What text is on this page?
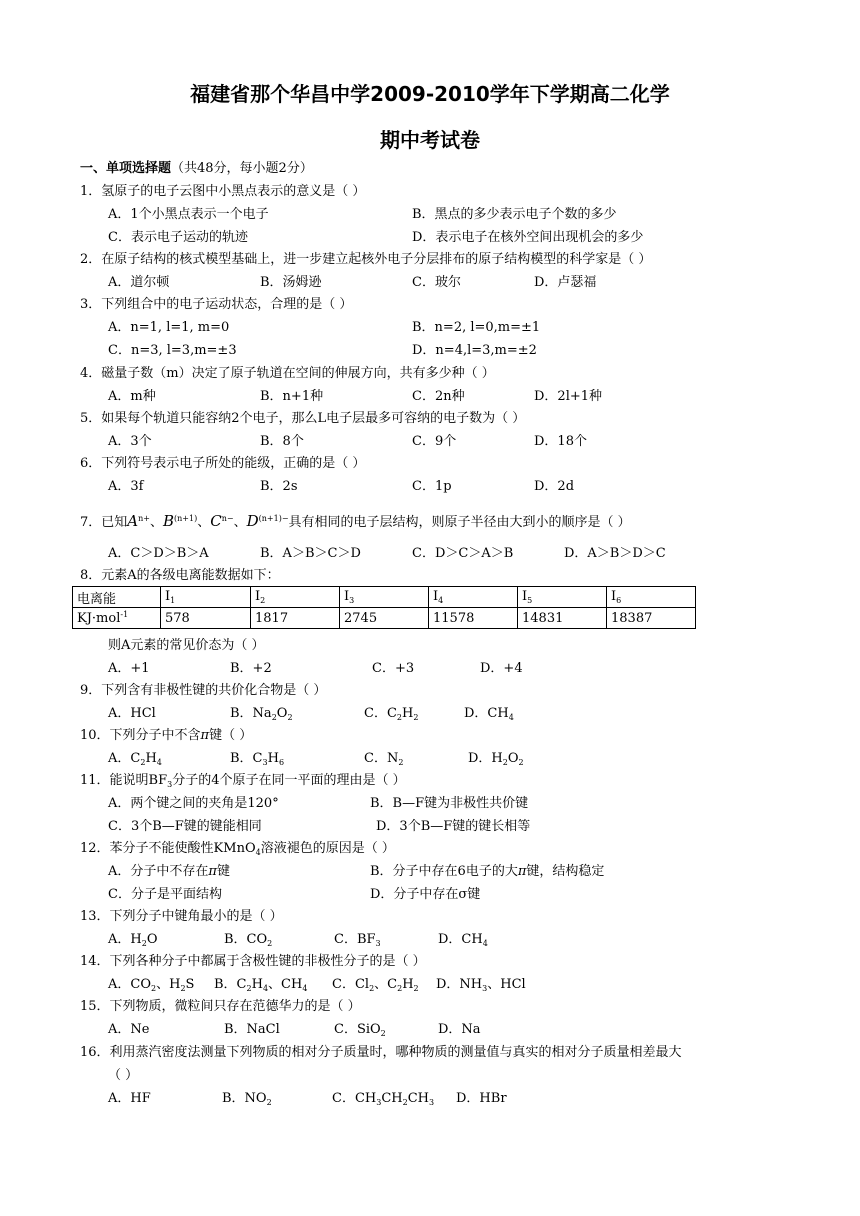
福建省那个华昌中学2009-2010学年下学期高二化学
期中考试卷
一、单项选择题（共48分，每小题2分）
1．氢原子的电子云图中小黑点表示的意义是（ ）
A．1个小黑点表示一个电子	B．黑点的多少表示电子个数的多少
C．表示电子运动的轨迹	D．表示电子在核外空间出现机会的多少
2．在原子结构的核式模型基础上，进一步建立起核外电子分层排布的原子结构模型的科学家是（ ）
A．道尔顿	B．汤姆逊	C．玻尔	D．卢瑟福
3．下列组合中的电子运动状态，合理的是（ ）
A．n=1, l=1, m=0	B．n=2, l=0,m=±1
C．n=3, l=3,m=±3	D．n=4,l=3,m=±2
4．磁量子数（m）决定了原子轨道在空间的伸展方向，共有多少种（ ）
A．m种	B．n+1种	C．2n种	D．2l+1种
5．如果每个轨道只能容纳2个电子，那么L电子层最多可容纳的电子数为（ ）
A．3个	B．8个	C．9个	D．18个
6．下列符号表示电子所处的能级，正确的是（ ）
A．3f	B．2s	C．1p	D．2d
7．已知$A^{n+}$、$B^{(n+1)}$、$C^{n-}$、$D^{(n+1)-}$具有相同的电子层结构，则原子半径由大到小的顺序是（ ）
A．C＞D＞B＞A	B．A＞B＞C＞D	C．D＞C＞A＞B	D．A＞B＞D＞C
8．元素A的各级电离能数据如下：
电离能	$I_1$	$I_2$	$I_3$	$I_4$	$I_5$	$I_6$
KJ·mol$^{-1}$	578	1817	2745	11578	14831	18387
则A元素的常见价态为（ ）
A．+1	B．+2	C．+3	D．+4
9．下列含有非极性键的共价化合物是（ ）
A．HCl	B．$Na_2O_2$	C．$C_2H_2$	D．$CH_4$
10．下列分子中不含π键（ ）
A．$C_2H_4$	B．$C_3H_6$	C．$N_2$	D．$H_2O_2$
11．能说明$BF_3$分子的4个原子在同一平面的理由是（ ）
A．两个键之间的夹角是120°	B．B—F键为非极性共价键
C．3个B—F键的键能相同	D．3个B—F键的键长相等
12．苯分子不能使酸性KMnO$_4$溶液褪色的原因是（ ）
A．分子中不存在π键	B．分子中存在6电子的大π键，结构稳定
C．分子是平面结构	D．分子中存在σ键
13．下列分子中键角最小的是（ ）
A．$H_2O$	B．$CO_2$	C．$BF_3$	D．$CH_4$
14．下列各种分子中都属于含极性键的非极性分子的是（ ）
A．$CO_2$、$H_2S$ B．$C_2H_4$、$CH_4$ C．$Cl_2$、$C_2H_2$ D．$NH_3$、HCl
15．下列物质，微粒间只存在范德华力的是（ ）
A．Ne	B．NaCl	C．SiO$_2$	D．Na
16．利用蒸汽密度法测量下列物质的相对分子质量时，哪种物质的测量值与真实的相对分子质量相差最大
（ ）
A．HF	B．$NO_2$	C．$CH_3CH_2CH_3$ D．HBr
